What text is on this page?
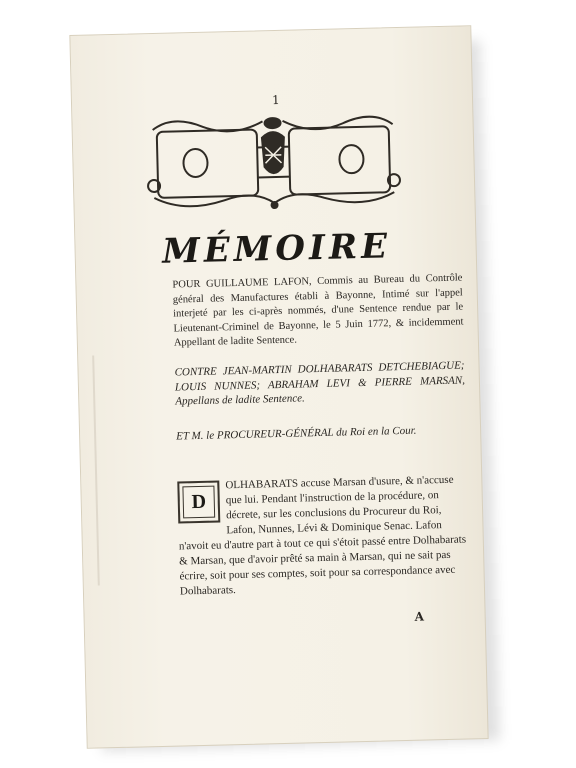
1
MÉMOIRE
POUR GUILLAUME LAFON, Commis au Bureau du Contrôle général des Manufactures établi à Bayonne, Intimé sur l'appel interjeté par les ci-après nommés, d'une Sentence rendue par le Lieutenant-Criminel de Bayonne, le 5 Juin 1772, & incidemment Appellant de ladite Sentence.
CONTRE JEAN-MARTIN DOLHABARATS DETCHEBIAGUE; LOUIS NUNNES; ABRAHAM LEVI & PIERRE MARSAN, Appellans de ladite Sentence.
ET M. le PROCUREUR-GÉNÉRAL du Roi en la Cour.
D
OLHABARATS accuse Marsan d'usure, & n'accuse que lui. Pendant l'instruction de la procédure, on décrete, sur les conclusions du Procureur du Roi, Lafon, Nunnes, Lévi & Dominique Senac. Lafon n'avoit eu d'autre part à tout ce qui s'étoit passé entre Dolhabarats & Marsan, que d'avoir prêté sa main à Marsan, qui ne sait pas écrire, soit pour ses comptes, soit pour sa correspondance avec Dolhabarats.
A
